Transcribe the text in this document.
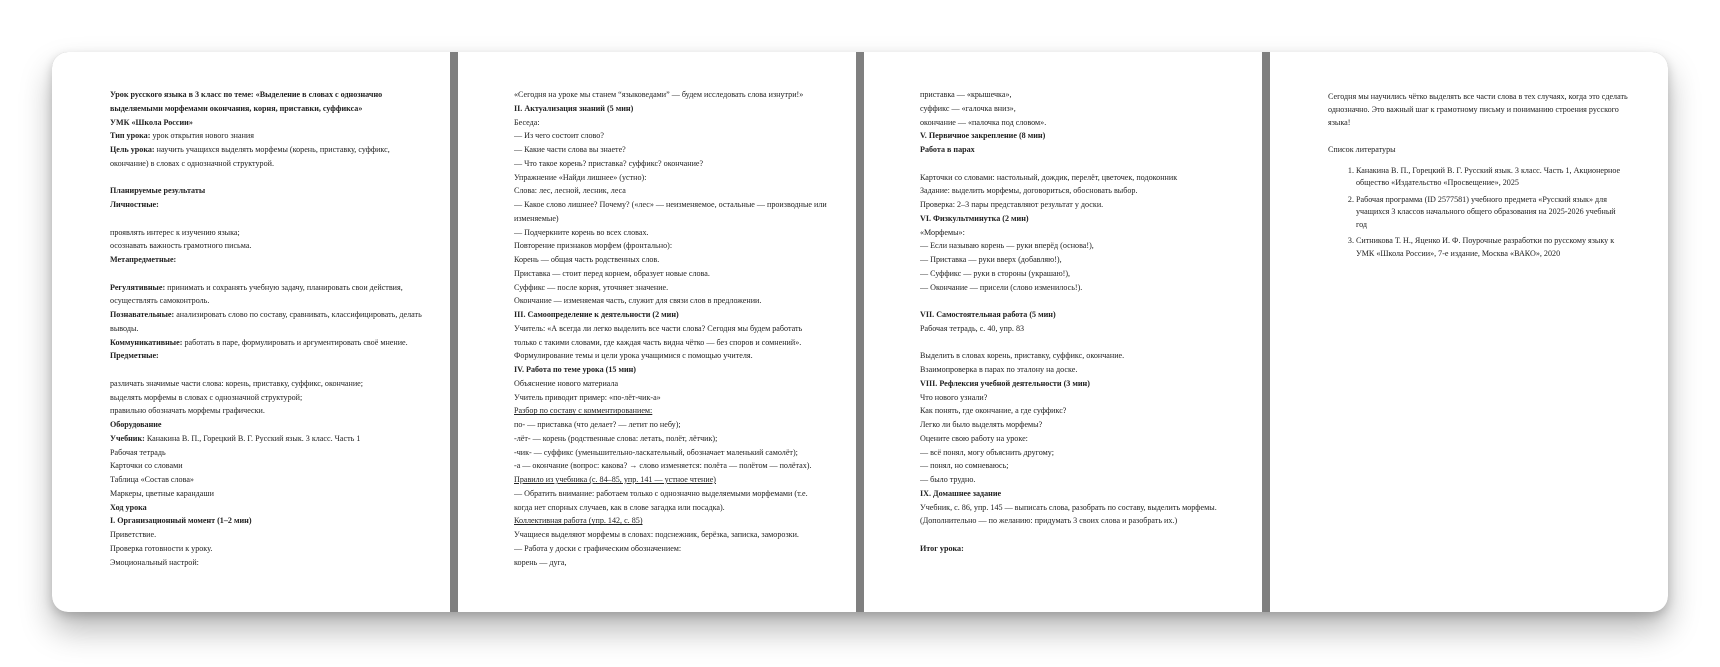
Урок русского языка в 3 класс по теме: «Выделение в словах с однозначно
выделяемыми морфемами окончания, корня, приставки, суффикса»
УМК «Школа России»
Тип урока: урок открытия нового знания
Цель урока: научить учащихся выделять морфемы (корень, приставку, суффикс,
окончание) в словах с однозначной структурой.
Планируемые результаты
Личностные:
проявлять интерес к изучению языка;
осознавать важность грамотного письма.
Метапредметные:
Регулятивные: принимать и сохранять учебную задачу, планировать свои действия,
осуществлять самоконтроль.
Познавательные: анализировать слово по составу, сравнивать, классифицировать, делать
выводы.
Коммуникативные: работать в паре, формулировать и аргументировать своё мнение.
Предметные:
различать значимые части слова: корень, приставку, суффикс, окончание;
выделять морфемы в словах с однозначной структурой;
правильно обозначать морфемы графически.
Оборудование
Учебник: Канакина В. П., Горецкий В. Г. Русский язык. 3 класс. Часть 1
Рабочая тетрадь
Карточки со словами
Таблица «Состав слова»
Маркеры, цветные карандаши
Ход урока
I. Организационный момент (1–2 мин)
Приветствие.
Проверка готовности к уроку.
Эмоциональный настрой:
«Сегодня на уроке мы станем “языковедами” — будем исследовать слова изнутри!»
II. Актуализация знаний (5 мин)
Беседа:
— Из чего состоит слово?
— Какие части слова вы знаете?
— Что такое корень? приставка? суффикс? окончание?
Упражнение «Найди лишнее» (устно):
Слова: лес, лесной, лесник, леса
— Какое слово лишнее? Почему? («лес» — неизменяемое, остальные — производные или
изменяемые)
— Подчеркните корень во всех словах.
Повторение признаков морфем (фронтально):
Корень — общая часть родственных слов.
Приставка — стоит перед корнем, образует новые слова.
Суффикс — после корня, уточняет значение.
Окончание — изменяемая часть, служит для связи слов в предложении.
III. Самоопределение к деятельности (2 мин)
Учитель: «А всегда ли легко выделить все части слова? Сегодня мы будем работать
только с такими словами, где каждая часть видна чётко — без споров и сомнений».
Формулирование темы и цели урока учащимися с помощью учителя.
IV. Работа по теме урока (15 мин)
Объяснение нового материала
Учитель приводит пример: «по-лёт-чик-а»
Разбор по составу с комментированием:
по- — приставка (что делает? — летит по небу);
-лёт- — корень (родственные слова: летать, полёт, лётчик);
-чик- — суффикс (уменьшительно-ласкательный, обозначает маленький самолёт);
-а — окончание (вопрос: какова? → слово изменяется: полёта — полётом — полётах).
Правило из учебника (с. 84–85, упр. 141 — устное чтение)
— Обратить внимание: работаем только с однозначно выделяемыми морфемами (т.е.
когда нет спорных случаев, как в слове загадка или посадка).
Коллективная работа (упр. 142, с. 85)
Учащиеся выделяют морфемы в словах: подснежник, берёзка, записка, заморозки.
— Работа у доски с графическим обозначением:
корень — дуга,
приставка — «крышечка»,
суффикс — «галочка вниз»,
окончание — «палочка под словом».
V. Первичное закрепление (8 мин)
Работа в парах
Карточки со словами: настольный, дождик, перелёт, цветочек, подоконник
Задание: выделить морфемы, договориться, обосновать выбор.
Проверка: 2–3 пары представляют результат у доски.
VI. Физкультминутка (2 мин)
«Морфемы»:
— Если называю корень — руки вперёд (основа!),
— Приставка — руки вверх (добавляю!),
— Суффикс — руки в стороны (украшаю!),
— Окончание — присели (слово изменилось!).
VII. Самостоятельная работа (5 мин)
Рабочая тетрадь, с. 40, упр. 83
Выделить в словах корень, приставку, суффикс, окончание.
Взаимопроверка в парах по эталону на доске.
VIII. Рефлексия учебной деятельности (3 мин)
Что нового узнали?
Как понять, где окончание, а где суффикс?
Легко ли было выделять морфемы?
Оцените свою работу на уроке:
— всё понял, могу объяснить другому;
— понял, но сомневаюсь;
— было трудно.
IX. Домашнее задание
Учебник, с. 86, упр. 145 — выписать слова, разобрать по составу, выделить морфемы.
(Дополнительно — по желанию: придумать 3 своих слова и разобрать их.)
Итог урока:
Сегодня мы научились чётко выделять все части слова в тех случаях, когда это сделать однозначно. Это важный шаг к грамотному письму и пониманию строения русского языка!
Список литературы
1. Канакина В. П., Горецкий В. Г. Русский язык. 3 класс. Часть 1, Акционерное общество «Издательство «Просвещение», 2025
2. Рабочая программа (ID 2577581) учебного предмета «Русский язык» для учащихся 3 классов начального общего образования на 2025-2026 учебный год
3. Ситникова Т. Н., Яценко И. Ф. Поурочные разработки по русскому языку к УМК «Школа России», 7-е издание, Москва «ВАКО», 2020
